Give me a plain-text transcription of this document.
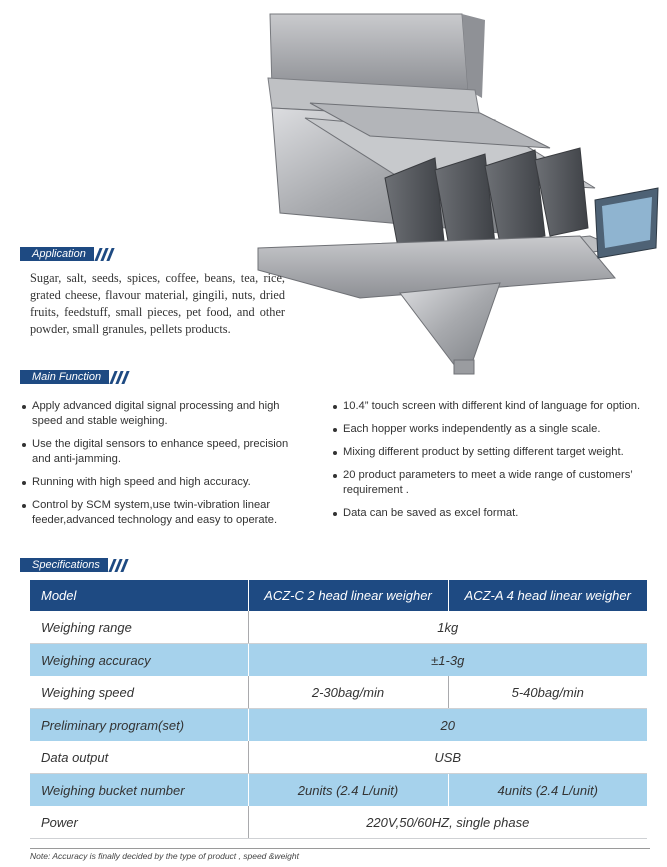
Application

Sugar, salt, seeds, spices, coffee, beans, tea, rice, grated cheese, flavour material, gingili, nuts, dried fruits, feedstuff, small pieces, pet food, and other powder, small granules, pellets products.

Main Function
Apply advanced digital signal processing and high speed and stable weighing.
Use the digital sensors to enhance speed, precision and anti-jamming.
Running with high speed and high accuracy.
Control by SCM system,use twin-vibration linear feeder,advanced technology and easy to operate.
10.4” touch screen with different kind of language for option.
Each hopper works independently as a single scale.
Mixing different product by setting different target weight.
20 product parameters to meet a wide range of customers’ requirement .
Data can be saved as excel format.
Specifications
Model	ACZ-C 2 head linear weigher	ACZ-A 4 head linear weigher
Weighing range	1kg	
Weighing accuracy	±1-3g	
Weighing speed	2-30bag/min	5-40bag/min
Preliminary program(set)	20	
Data output	USB	
Weighing bucket number	2units (2.4 L/unit)	4units (2.4 L/unit)
Power	220V,50/60HZ, single phase	
Note: Accuracy is finally decided by the type of product , speed &weight
